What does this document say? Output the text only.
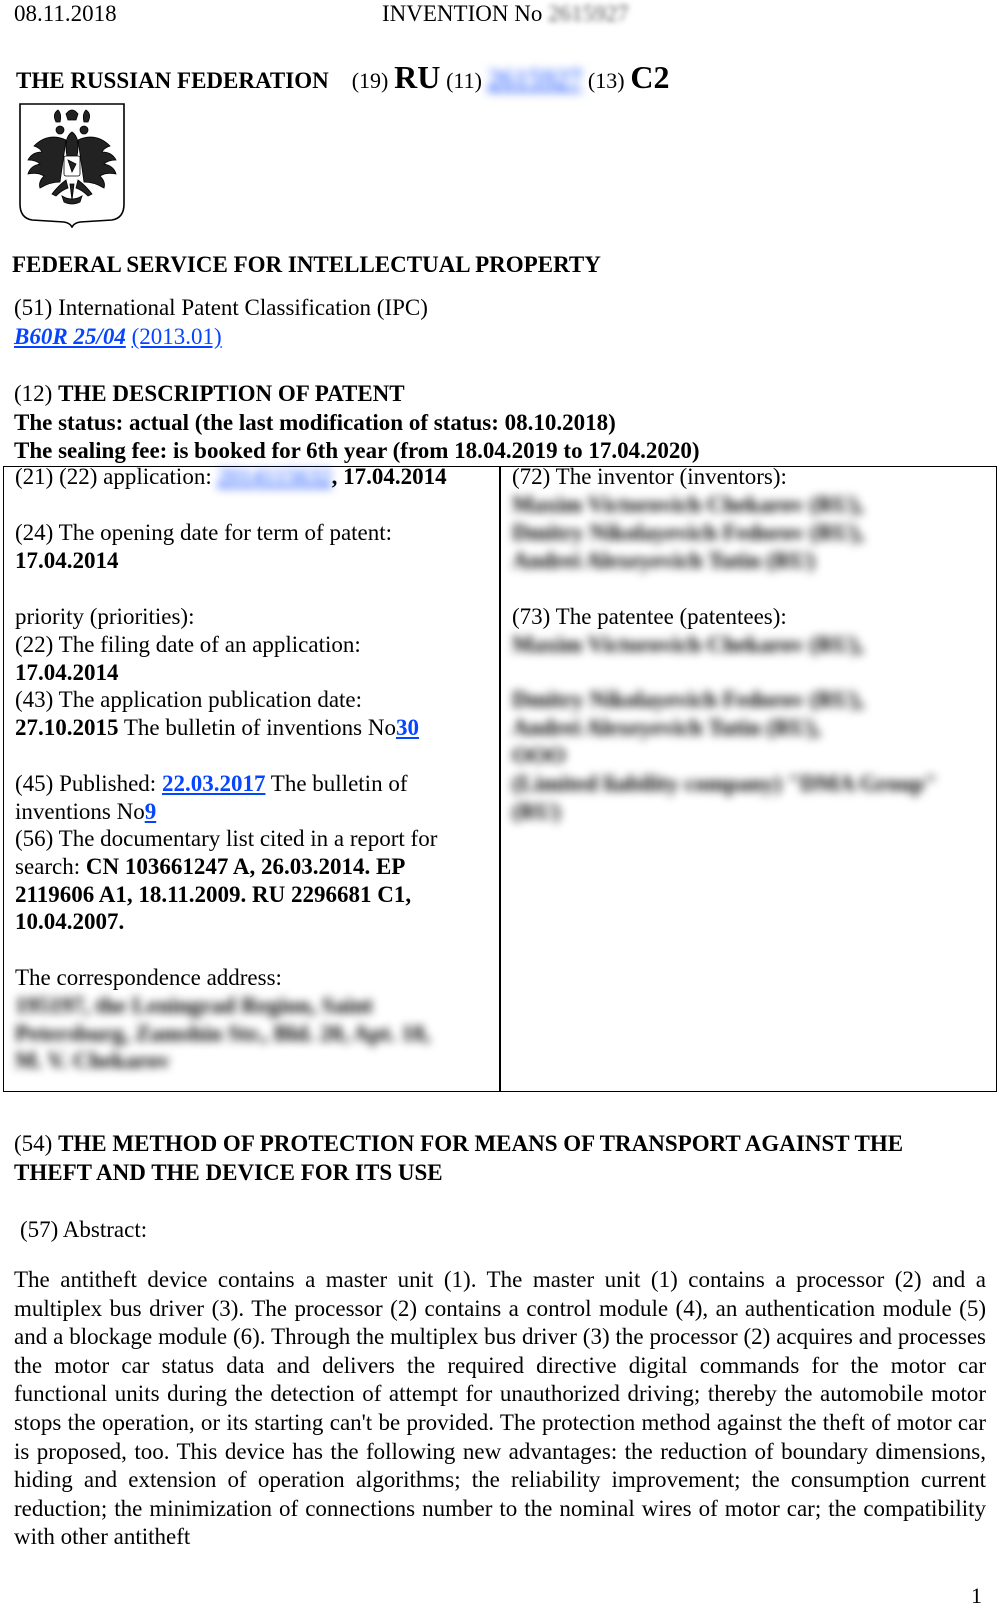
08.11.2018	INVENTION No 2615927
THE RUSSIAN FEDERATION (19) RU (11) 2615927 (13) C2
FEDERAL SERVICE FOR INTELLECTUAL PROPERTY
(51) International Patent Classification (IPC)
B60R 25/04 (2013.01)
(12) THE DESCRIPTION OF PATENT
The status: actual (the last modification of status: 08.10.2018)
The sealing fee: is booked for 6th year (from 18.04.2019 to 17.04.2020)
(21) (22) application: 2014115632, 17.04.2014
(24) The opening date for term of patent:
17.04.2014
priority (priorities):
(22) The filing date of an application:
17.04.2014
(43) The application publication date:
27.10.2015 The bulletin of inventions No30
(45) Published: 22.03.2017 The bulletin of
inventions No9
(56) The documentary list cited in a report for
search: CN 103661247 A, 26.03.2014. EP
2119606 A1, 18.11.2009. RU 2296681 C1,
10.04.2007.
The correspondence address:
195197, the Leningrad Region, Saint
Petersburg, Zamshin Str., Bld. 20, Apt. 18,
M. V. Chekarov
(72) The inventor (inventors):
Maxim Victorovich Chekarov (RU),
Dmitry Nikolayevich Fedorov (RU),
Andrei Alexeyevich Tutin (RU)
(73) The patentee (patentees):
Maxim Victorovich Chekarov (RU),
Dmitry Nikolayevich Fedorov (RU),
Andrei Alexeyevich Tutin (RU),
OOO
(Limited liability company) "DMA Group"
(RU)
(54) THE METHOD OF PROTECTION FOR MEANS OF TRANSPORT AGAINST THE
THEFT AND THE DEVICE FOR ITS USE
(57) Abstract:
The antitheft device contains a master unit (1). The master unit (1) contains a processor (2) and a multiplex bus driver (3). The processor (2) contains a control module (4), an authentication module (5) and a blockage module (6). Through the multiplex bus driver (3) the processor (2) acquires and processes the motor car status data and delivers the required directive digital commands for the motor car functional units during the detection of attempt for unauthorized driving; thereby the automobile motor stops the operation, or its starting can't be provided. The protection method against the theft of motor car is proposed, too. This device has the following new advantages: the reduction of boundary dimensions, hiding and extension of operation algorithms; the reliability improvement; the consumption current reduction; the minimization of connections number to the nominal wires of motor car; the compatibility with other antitheft
1
